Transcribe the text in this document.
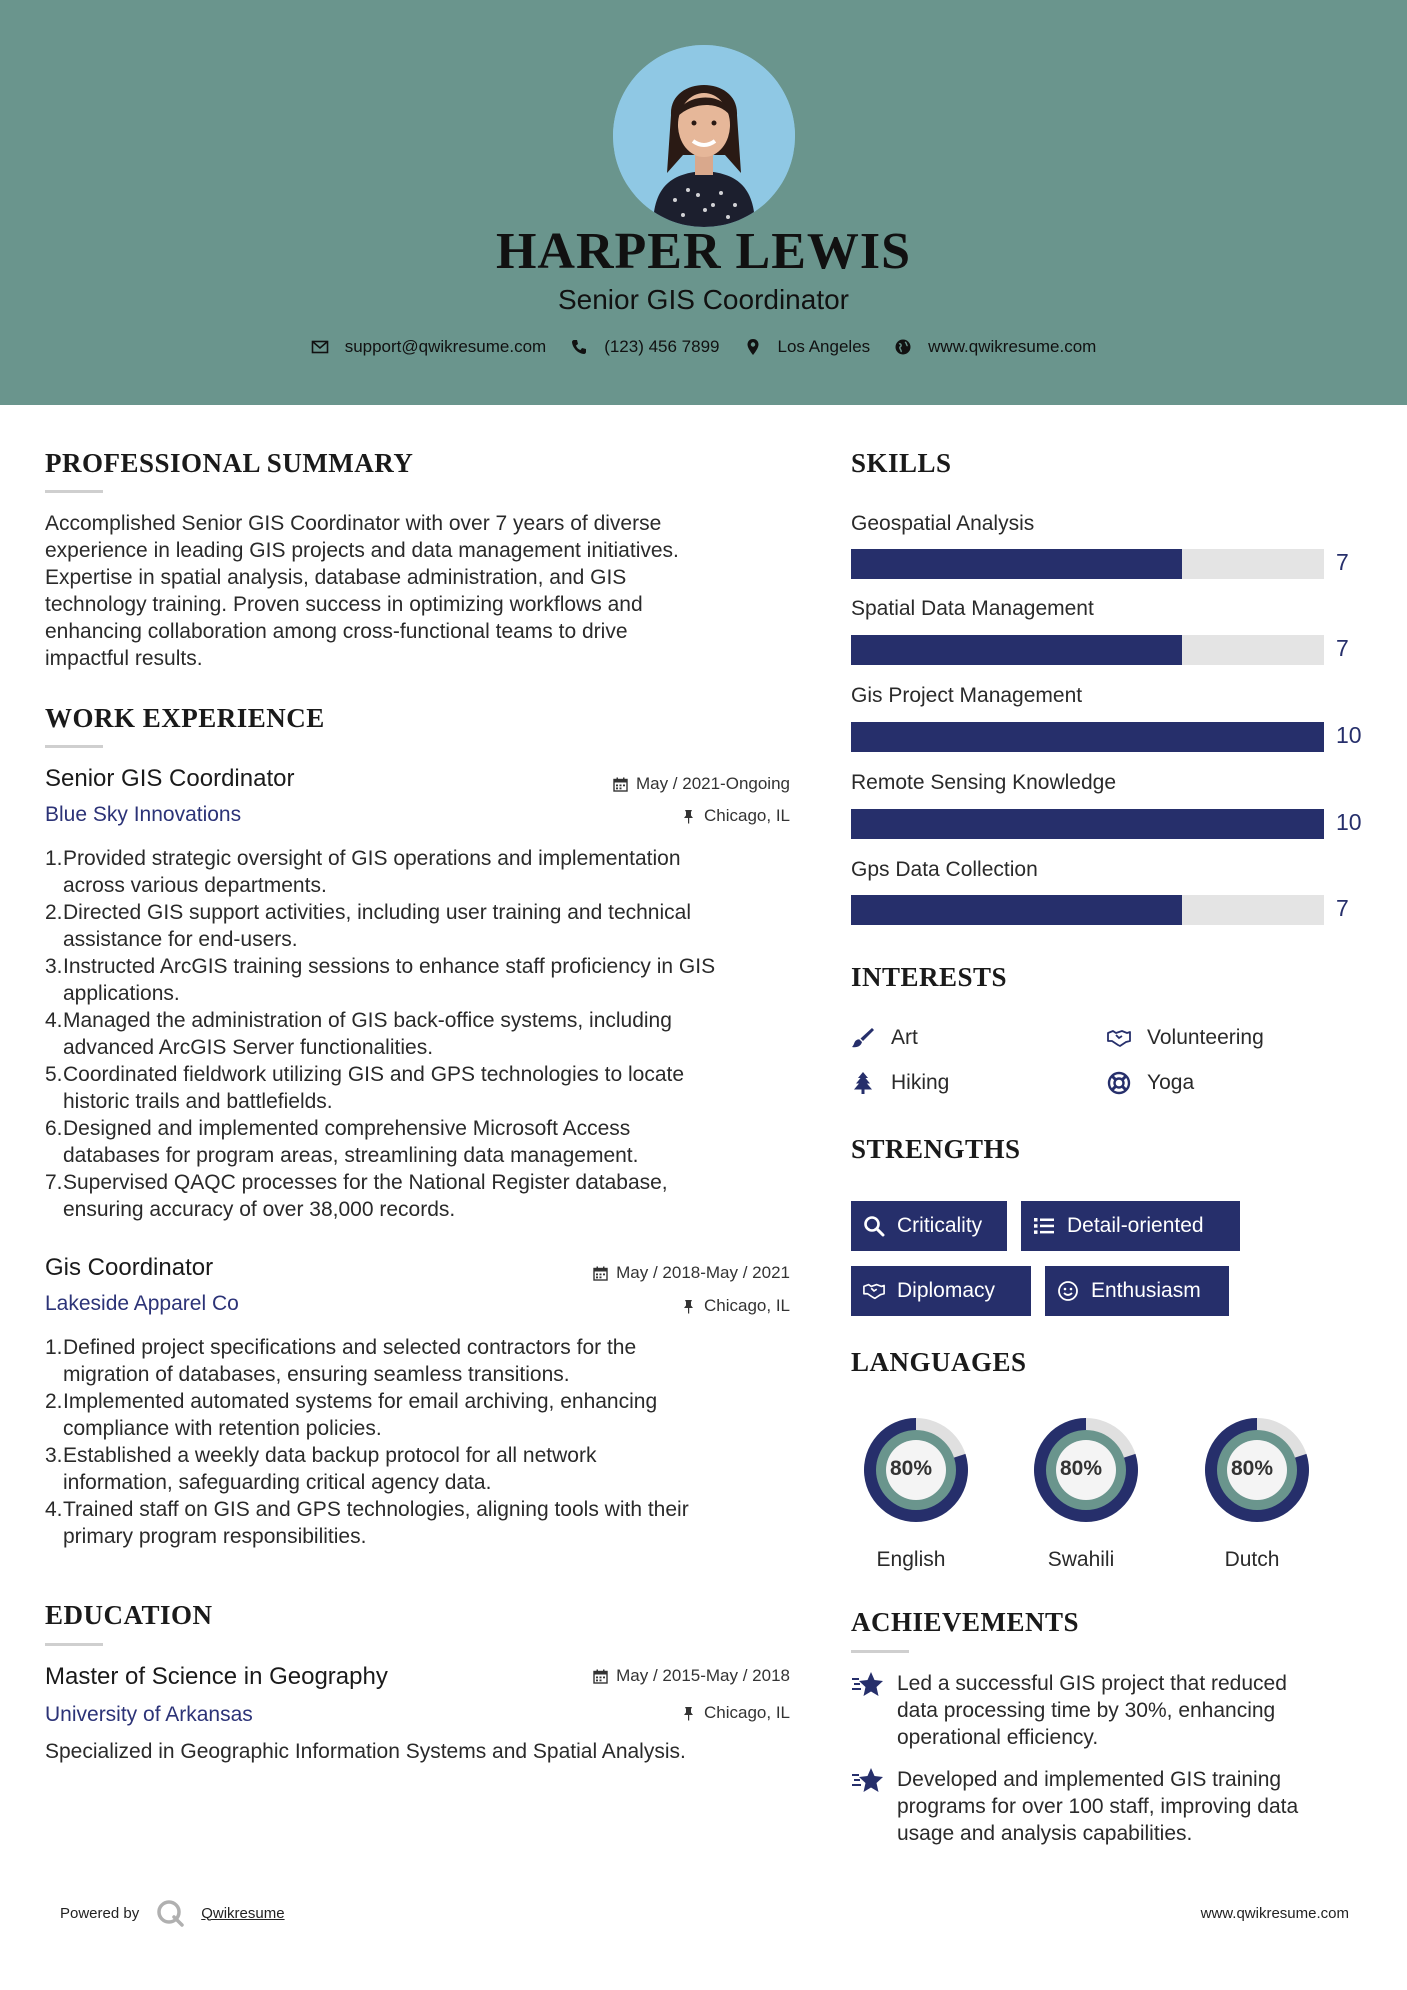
HARPER LEWIS
Senior GIS Coordinator
support@qwikresume.com	(123) 456 7899	Los Angeles	www.qwikresume.com
PROFESSIONAL SUMMARY
Accomplished Senior GIS Coordinator with over 7 years of diverse
experience in leading GIS projects and data management initiatives.
Expertise in spatial analysis, database administration, and GIS
technology training. Proven success in optimizing workflows and
enhancing collaboration among cross-functional teams to drive
impactful results.
WORK EXPERIENCE
Senior GIS Coordinator	May / 2021-Ongoing
Blue Sky Innovations	Chicago, IL
1. Provided strategic oversight of GIS operations and implementation
across various departments.
2. Directed GIS support activities, including user training and technical
assistance for end-users.
3. Instructed ArcGIS training sessions to enhance staff proficiency in GIS
applications.
4. Managed the administration of GIS back-office systems, including
advanced ArcGIS Server functionalities.
5. Coordinated fieldwork utilizing GIS and GPS technologies to locate
historic trails and battlefields.
6. Designed and implemented comprehensive Microsoft Access
databases for program areas, streamlining data management.
7. Supervised QAQC processes for the National Register database,
ensuring accuracy of over 38,000 records.
Gis Coordinator	May / 2018-May / 2021
Lakeside Apparel Co	Chicago, IL
1. Defined project specifications and selected contractors for the
migration of databases, ensuring seamless transitions.
2. Implemented automated systems for email archiving, enhancing
compliance with retention policies.
3. Established a weekly data backup protocol for all network
information, safeguarding critical agency data.
4. Trained staff on GIS and GPS technologies, aligning tools with their
primary program responsibilities.
EDUCATION
Master of Science in Geography	May / 2015-May / 2018
University of Arkansas	Chicago, IL
Specialized in Geographic Information Systems and Spatial Analysis.
SKILLS
Geospatial Analysis
7
Spatial Data Management
7
Gis Project Management
10
Remote Sensing Knowledge
10
Gps Data Collection
7
INTERESTS
Art	Volunteering
Hiking	Yoga
STRENGTHS
Criticality	Detail-oriented
Diplomacy	Enthusiasm
LANGUAGES
80%
English
80%
Swahili
80%
Dutch
ACHIEVEMENTS
Led a successful GIS project that reduced
data processing time by 30%, enhancing
operational efficiency.
Developed and implemented GIS training
programs for over 100 staff, improving data
usage and analysis capabilities.
Powered by	Qwikresume	www.qwikresume.com
